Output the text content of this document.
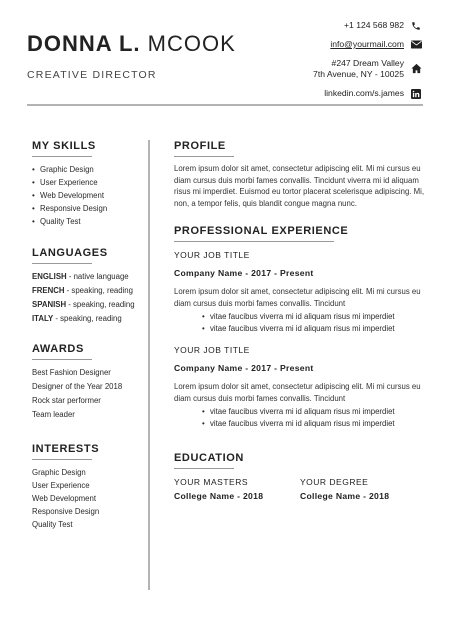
DONNA L. MCOOK
CREATIVE DIRECTOR
+1 124 568 982
info@yourmail.com
#247 Dream Valley
7th Avenue, NY - 10025
linkedin.com/s.james
MY SKILLS
• Graphic Design
• User Experience
• Web Development
• Responsive Design
• Quality Test
LANGUAGES
ENGLISH - native language
FRENCH - speaking, reading
SPANISH - speaking, reading
ITALY - speaking, reading
AWARDS
Best Fashion Designer
Designer of the Year 2018
Rock star performer
Team leader
INTERESTS
Graphic Design
User Experience
Web Development
Responsive Design
Quality Test
PROFILE
Lorem ipsum dolor sit amet, consectetur adipiscing elit. Mi mi cursus eu diam cursus duis morbi fames convallis. Tincidunt viverra mi id aliquam risus mi imperdiet. Euismod eu tortor placerat scelerisque adipiscing. Mi, non, a tempor felis, quis blandit congue magna nunc.
PROFESSIONAL EXPERIENCE
YOUR JOB TITLE
Company Name - 2017 - Present
Lorem ipsum dolor sit amet, consectetur adipiscing elit. Mi mi cursus eu diam cursus duis morbi fames convallis. Tincidunt
• vitae faucibus viverra mi id aliquam risus mi imperdiet
• vitae faucibus viverra mi id aliquam risus mi imperdiet
YOUR JOB TITLE
Company Name - 2017 - Present
Lorem ipsum dolor sit amet, consectetur adipiscing elit. Mi mi cursus eu diam cursus duis morbi fames convallis. Tincidunt
• vitae faucibus viverra mi id aliquam risus mi imperdiet
• vitae faucibus viverra mi id aliquam risus mi imperdiet
EDUCATION
YOUR MASTERS
College Name - 2018
YOUR DEGREE
College Name - 2018
